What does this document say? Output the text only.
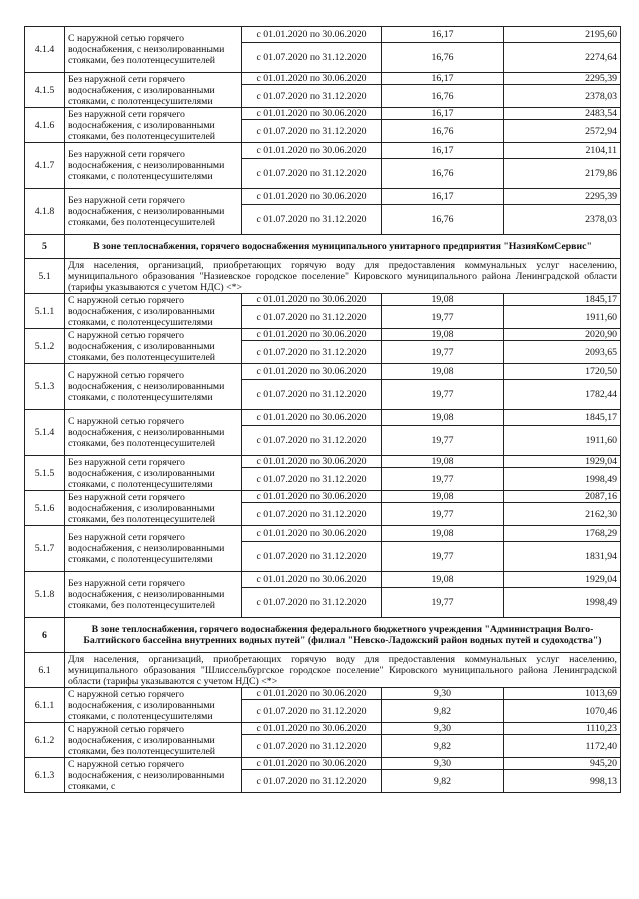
4.1.4	С наружной сетью горячего водоснабжения, с неизолированными стояками, без полотенцесушителей	с 01.01.2020 по 30.06.2020	16,17	2195,60
		с 01.07.2020 по 31.12.2020	16,76	2274,64
4.1.5	Без наружной сети горячего водоснабжения, с изолированными стояками, с полотенцесушителями	с 01.01.2020 по 30.06.2020	16,17	2295,39
		с 01.07.2020 по 31.12.2020	16,76	2378,03
4.1.6	Без наружной сети горячего водоснабжения, с изолированными стояками, без полотенцесушителей	с 01.01.2020 по 30.06.2020	16,17	2483,54
		с 01.07.2020 по 31.12.2020	16,76	2572,94
4.1.7	Без наружной сети горячего водоснабжения, с неизолированными стояками, с полотенцесушителями	с 01.01.2020 по 30.06.2020	16,17	2104,11
		с 01.07.2020 по 31.12.2020	16,76	2179,86
4.1.8	Без наружной сети горячего водоснабжения, с неизолированными стояками, без полотенцесушителей	с 01.01.2020 по 30.06.2020	16,17	2295,39
		с 01.07.2020 по 31.12.2020	16,76	2378,03
5	В зоне теплоснабжения, горячего водоснабжения муниципального унитарного предприятия "НазияКомСервис"			
5.1	Для населения, организаций, приобретающих горячую воду для предоставления коммунальных услуг населению, муниципального образования "Назиевское городское поселение" Кировского муниципального района Ленинградской области (тарифы указываются с учетом НДС) <*>			
5.1.1	С наружной сетью горячего водоснабжения, с изолированными стояками, с полотенцесушителями	с 01.01.2020 по 30.06.2020	19,08	1845,17
		с 01.07.2020 по 31.12.2020	19,77	1911,60
5.1.2	С наружной сетью горячего водоснабжения, с изолированными стояками, без полотенцесушителей	с 01.01.2020 по 30.06.2020	19,08	2020,90
		с 01.07.2020 по 31.12.2020	19,77	2093,65
5.1.3	С наружной сетью горячего водоснабжения, с неизолированными стояками, с полотенцесушителями	с 01.01.2020 по 30.06.2020	19,08	1720,50
		с 01.07.2020 по 31.12.2020	19,77	1782,44
5.1.4	С наружной сетью горячего водоснабжения, с неизолированными стояками, без полотенцесушителей	с 01.01.2020 по 30.06.2020	19,08	1845,17
		с 01.07.2020 по 31.12.2020	19,77	1911,60
5.1.5	Без наружной сети горячего водоснабжения, с изолированными стояками, с полотенцесушителями	с 01.01.2020 по 30.06.2020	19,08	1929,04
		с 01.07.2020 по 31.12.2020	19,77	1998,49
5.1.6	Без наружной сети горячего водоснабжения, с изолированными стояками, без полотенцесушителей	с 01.01.2020 по 30.06.2020	19,08	2087,16
		с 01.07.2020 по 31.12.2020	19,77	2162,30
5.1.7	Без наружной сети горячего водоснабжения, с неизолированными стояками, с полотенцесушителями	с 01.01.2020 по 30.06.2020	19,08	1768,29
		с 01.07.2020 по 31.12.2020	19,77	1831,94
5.1.8	Без наружной сети горячего водоснабжения, с неизолированными стояками, без полотенцесушителей	с 01.01.2020 по 30.06.2020	19,08	1929,04
		с 01.07.2020 по 31.12.2020	19,77	1998,49
6	В зоне теплоснабжения, горячего водоснабжения федерального бюджетного учреждения "Администрация Волго-Балтийского бассейна внутренних водных путей" (филиал "Невско-Ладожский район водных путей и судоходства")			
6.1	Для населения, организаций, приобретающих горячую воду для предоставления коммунальных услуг населению, муниципального образования "Шлиссельбургское городское поселение" Кировского муниципального района Ленинградской области (тарифы указываются с учетом НДС) <*>			
6.1.1	С наружной сетью горячего водоснабжения, с изолированными стояками, с полотенцесушителями	с 01.01.2020 по 30.06.2020	9,30	1013,69
		с 01.07.2020 по 31.12.2020	9,82	1070,46
6.1.2	С наружной сетью горячего водоснабжения, с изолированными стояками, без полотенцесушителей	с 01.01.2020 по 30.06.2020	9,30	1110,23
		с 01.07.2020 по 31.12.2020	9,82	1172,40
6.1.3	С наружной сетью горячего водоснабжения, с неизолированными стояками, с	с 01.01.2020 по 30.06.2020	9,30	945,20
		с 01.07.2020 по 31.12.2020	9,82	998,13
